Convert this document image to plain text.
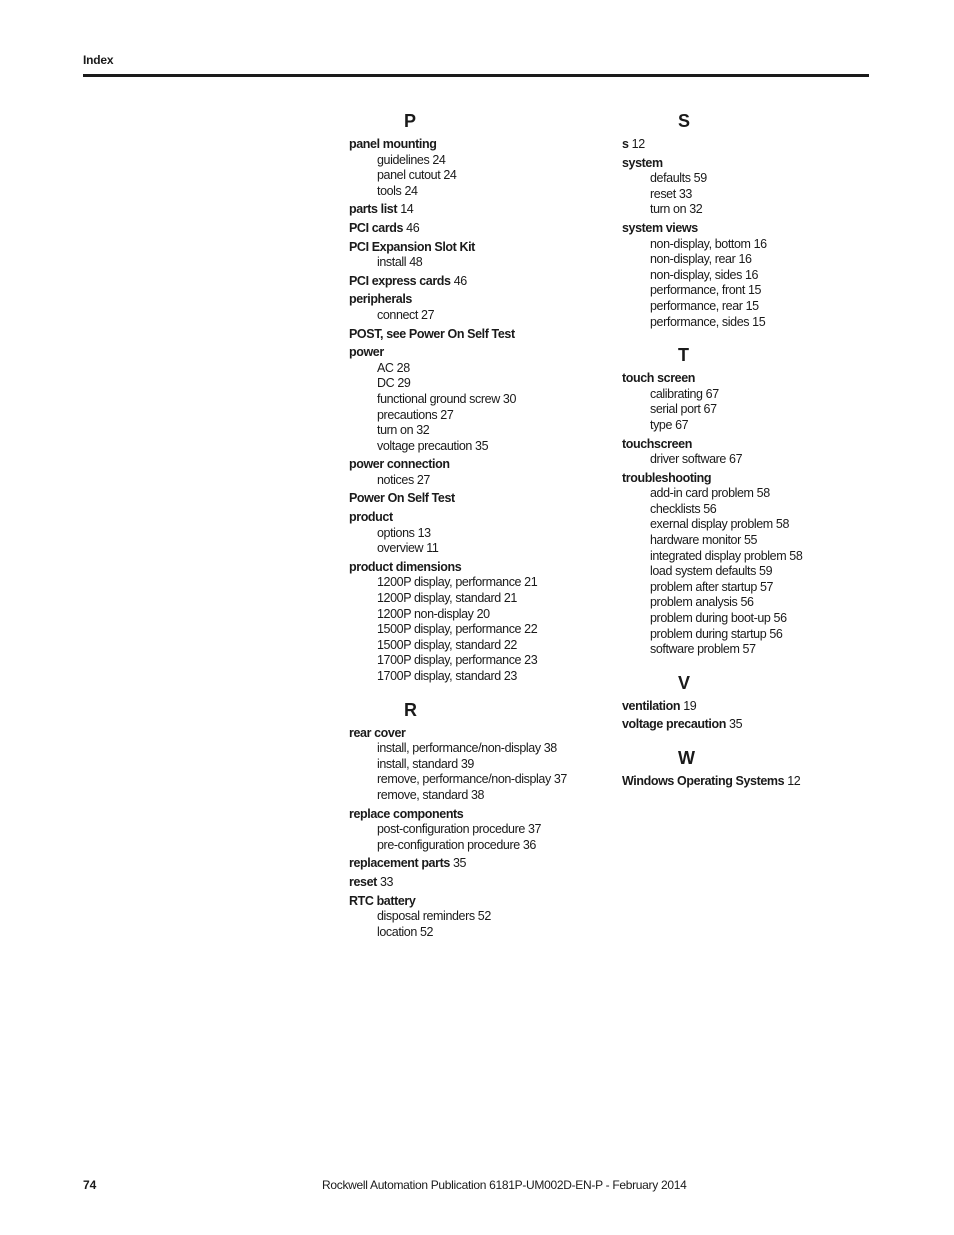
Index
P
panel mounting
guidelines 24
panel cutout 24
tools 24
parts list 14
PCI cards 46
PCI Expansion Slot Kit
install 48
PCI express cards 46
peripherals
connect 27
POST, see Power On Self Test
power
AC 28
DC 29
functional ground screw 30
precautions 27
turn on 32
voltage precaution 35
power connection
notices 27
Power On Self Test
product
options 13
overview 11
product dimensions
1200P display, performance 21
1200P display, standard 21
1200P non-display 20
1500P display, performance 22
1500P display, standard 22
1700P display, performance 23
1700P display, standard 23
R
rear cover
install, performance/non-display 38
install, standard 39
remove, performance/non-display 37
remove, standard 38
replace components
post-configuration procedure 37
pre-configuration procedure 36
replacement parts 35
reset 33
RTC battery
disposal reminders 52
location 52
S
s 12
system
defaults 59
reset 33
turn on 32
system views
non-display, bottom 16
non-display, rear 16
non-display, sides 16
performance, front 15
performance, rear 15
performance, sides 15
T
touch screen
calibrating 67
serial port 67
type 67
touchscreen
driver software 67
troubleshooting
add-in card problem 58
checklists 56
exernal display problem 58
hardware monitor 55
integrated display problem 58
load system defaults 59
problem after startup 57
problem analysis 56
problem during boot-up 56
problem during startup 56
software problem 57
V
ventilation 19
voltage precaution 35
W
Windows Operating Systems 12
74	Rockwell Automation Publication 6181P-UM002D-EN-P - February 2014
